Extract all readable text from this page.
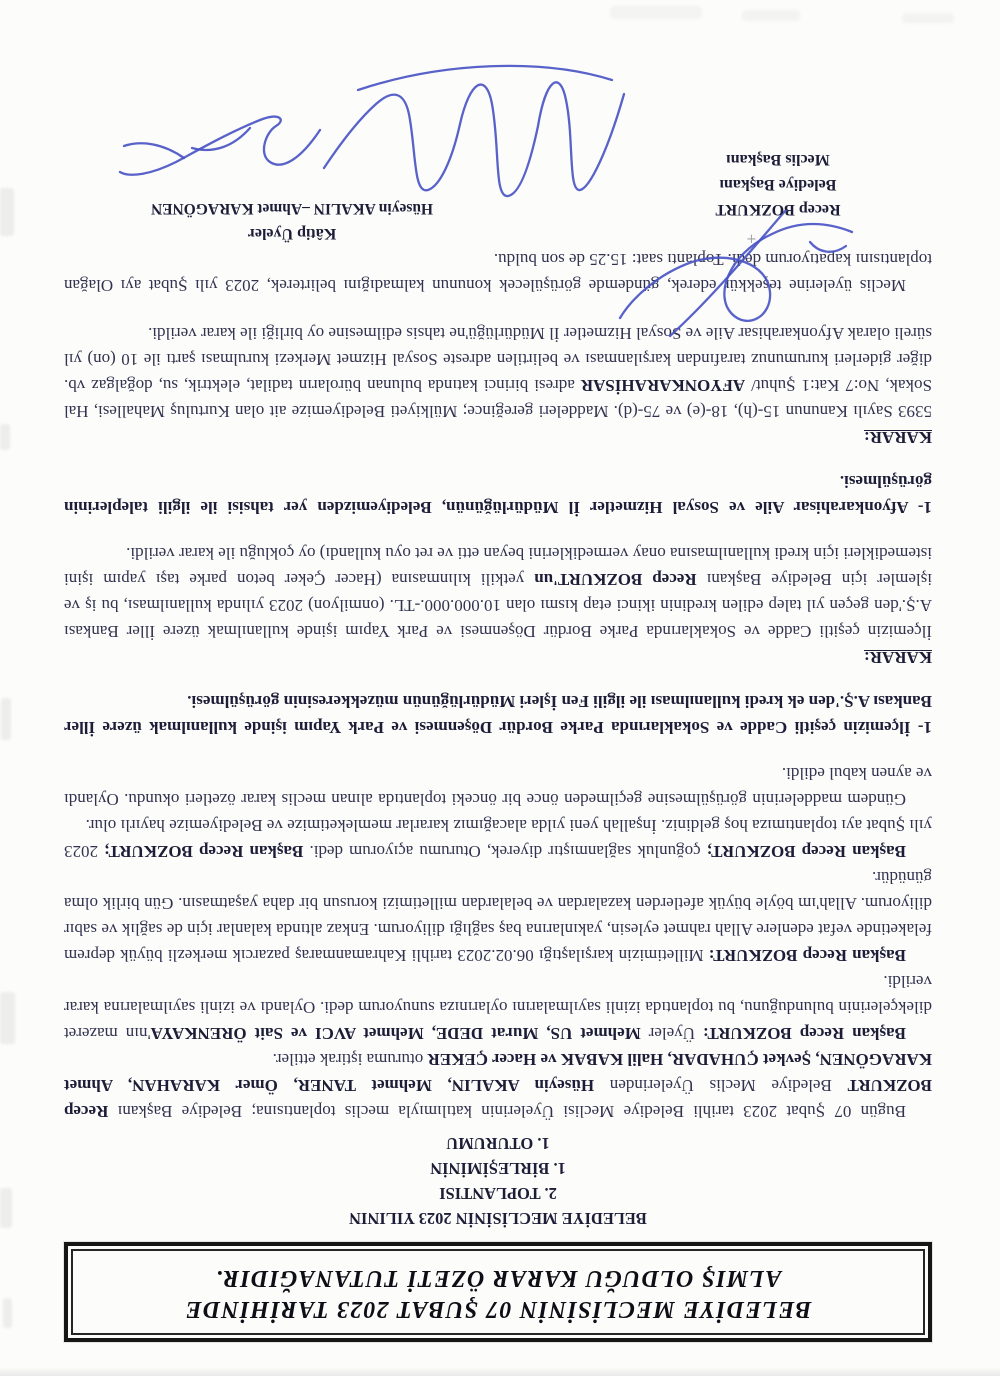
BELEDİYE MECLİSİNİN 07 ŞUBAT 2023 TARİHİNDE
ALMIŞ OLDUĞU KARAR ÖZETİ TUTANAĞIDIR.
BELEDİYE MECLİSİNİN 2023 YILININ
2. TOPLANTISI
1. BİRLEŞİMİNİN
1. OTURUMU

Bugün 07 Şubat 2023 tarihli Belediye Meclisi Üyelerinin katılımıyla meclis toplantısına; Belediye Başkanı Recep BOZKURT Belediye Meclis Üyelerinden Hüseyin AKALIN, Mehmet TANER, Ömer KARAHAN, Ahmet KARAGÖNEN, Şevket ÇUHADAR, Halil KABAK ve Hacer ÇEKER oturuma iştirak ettiler.

Başkan Recep BOZKURT: Üyeler Mehmet US, Murat DEDE, Mehmet AVCI ve Sait ÖRENKAYA'nın mazeret dilekçelerinin bulunduğunu, bu toplantıda izinli sayılmalarını oylarınıza sunuyorum dedi. Oylandı ve izinli sayılmalarına karar verildi.

Başkan Recep BOZKURT: Milletimizin karşılaştığı 06.02.2023 tarihli Kahramanmaraş pazarcık merkezli büyük deprem felaketinde vefat edenlere Allah rahmet eylesin, yakınlarına baş sağlığı diliyorum. Enkaz altında kalanlar için de sağlık ve sabır diliyorum. Allah'ım böyle büyük afetlerden kazalardan ve belalardan milletimizi korusun bir daha yaşatmasın. Gün birlik olma günüdür.

Başkan Recep BOZKURT; çoğunluk sağlanmıştır diyerek, Oturumu açıyorum dedi. Başkan Recep BOZKURT; 2023 yılı Şubat ayı toplantımıza hoş geldiniz. İnşallah yeni yılda alacağımız kararlar memleketimize ve Belediyemize hayırlı olur.

Gündem maddelerinin görüşülmesine geçilmeden önce bir önceki toplantıda alınan meclis karar özetleri okundu. Oylandı ve aynen kabul edildi.

1- İlçemizin çeşitli Cadde ve Sokaklarında Parke Bordür Döşenmesi ve Park Yapım işinde kullanılmak üzere İller Bankası A.Ş.'den ek kredi kullanılması ile ilgili Fen İşleri Müdürlüğünün müzekkeresinin görüşülmesi.

KARAR:

İlçemizin çeşitli Cadde ve Sokaklarında Parke Bordür Döşenmesi ve Park Yapım işinde kullanılmak üzere İller Bankası A.Ş.'den geçen yıl talep edilen kredinin ikinci etap kısmı olan 10.000.000.-TL. (onmilyon) 2023 yılında kullanılması, bu iş ve işlemler için Belediye Başkanı Recep BOZKURT'un yetkili kılınmasına (Hacer Çeker beton parke taşı yapım işini istemedikleri için kredi kullanılmasına onay vermediklerini beyan etti ve ret oyu kullandı) oy çokluğu ile karar verildi.

1- Afyonkarahisar Aile ve Sosyal Hizmetler İl Müdürlüğünün, Belediyemizden yer tahsisi ile ilgili taleplerinin görüşülmesi.

KARAR:

5393 Sayılı Kanunun 15-(h), 18-(e) ve 75-(d). Maddeleri gereğince; Mülkiyeti Belediyemize ait olan Kurtuluş Mahallesi, Hal Sokak, No:7 Kat:1 Şuhut/ AFYONKARAHİSAR adresi birinci katında bulunan büroların tadilat, elektrik, su, doğalgaz vb. diğer giderleri kurumunuz tarafından karşılanması ve belirtilen adreste Sosyal Hizmet Merkezi kurulması şartı ile 10 (on) yıl süreli olarak Afyonkarahisar Aile ve Sosyal Hizmetler İl Müdürlüğü'ne tahsis edilmesine oy birliği ile karar verildi.

Meclis üyelerine teşekkür ederek, gündemde görüşülecek konunun kalmadığını belirterek, 2023 yılı Şubat ayı Olağan toplantısını kapatıyorum dedi. Toplantı saat: 15.25 de son buldu.

Recep BOZKURT
Belediye Başkanı
Meclis Başkanı
Kâtip Üyeler
Hüseyin AKALIN –Ahmet KARAGÖNEN
+
